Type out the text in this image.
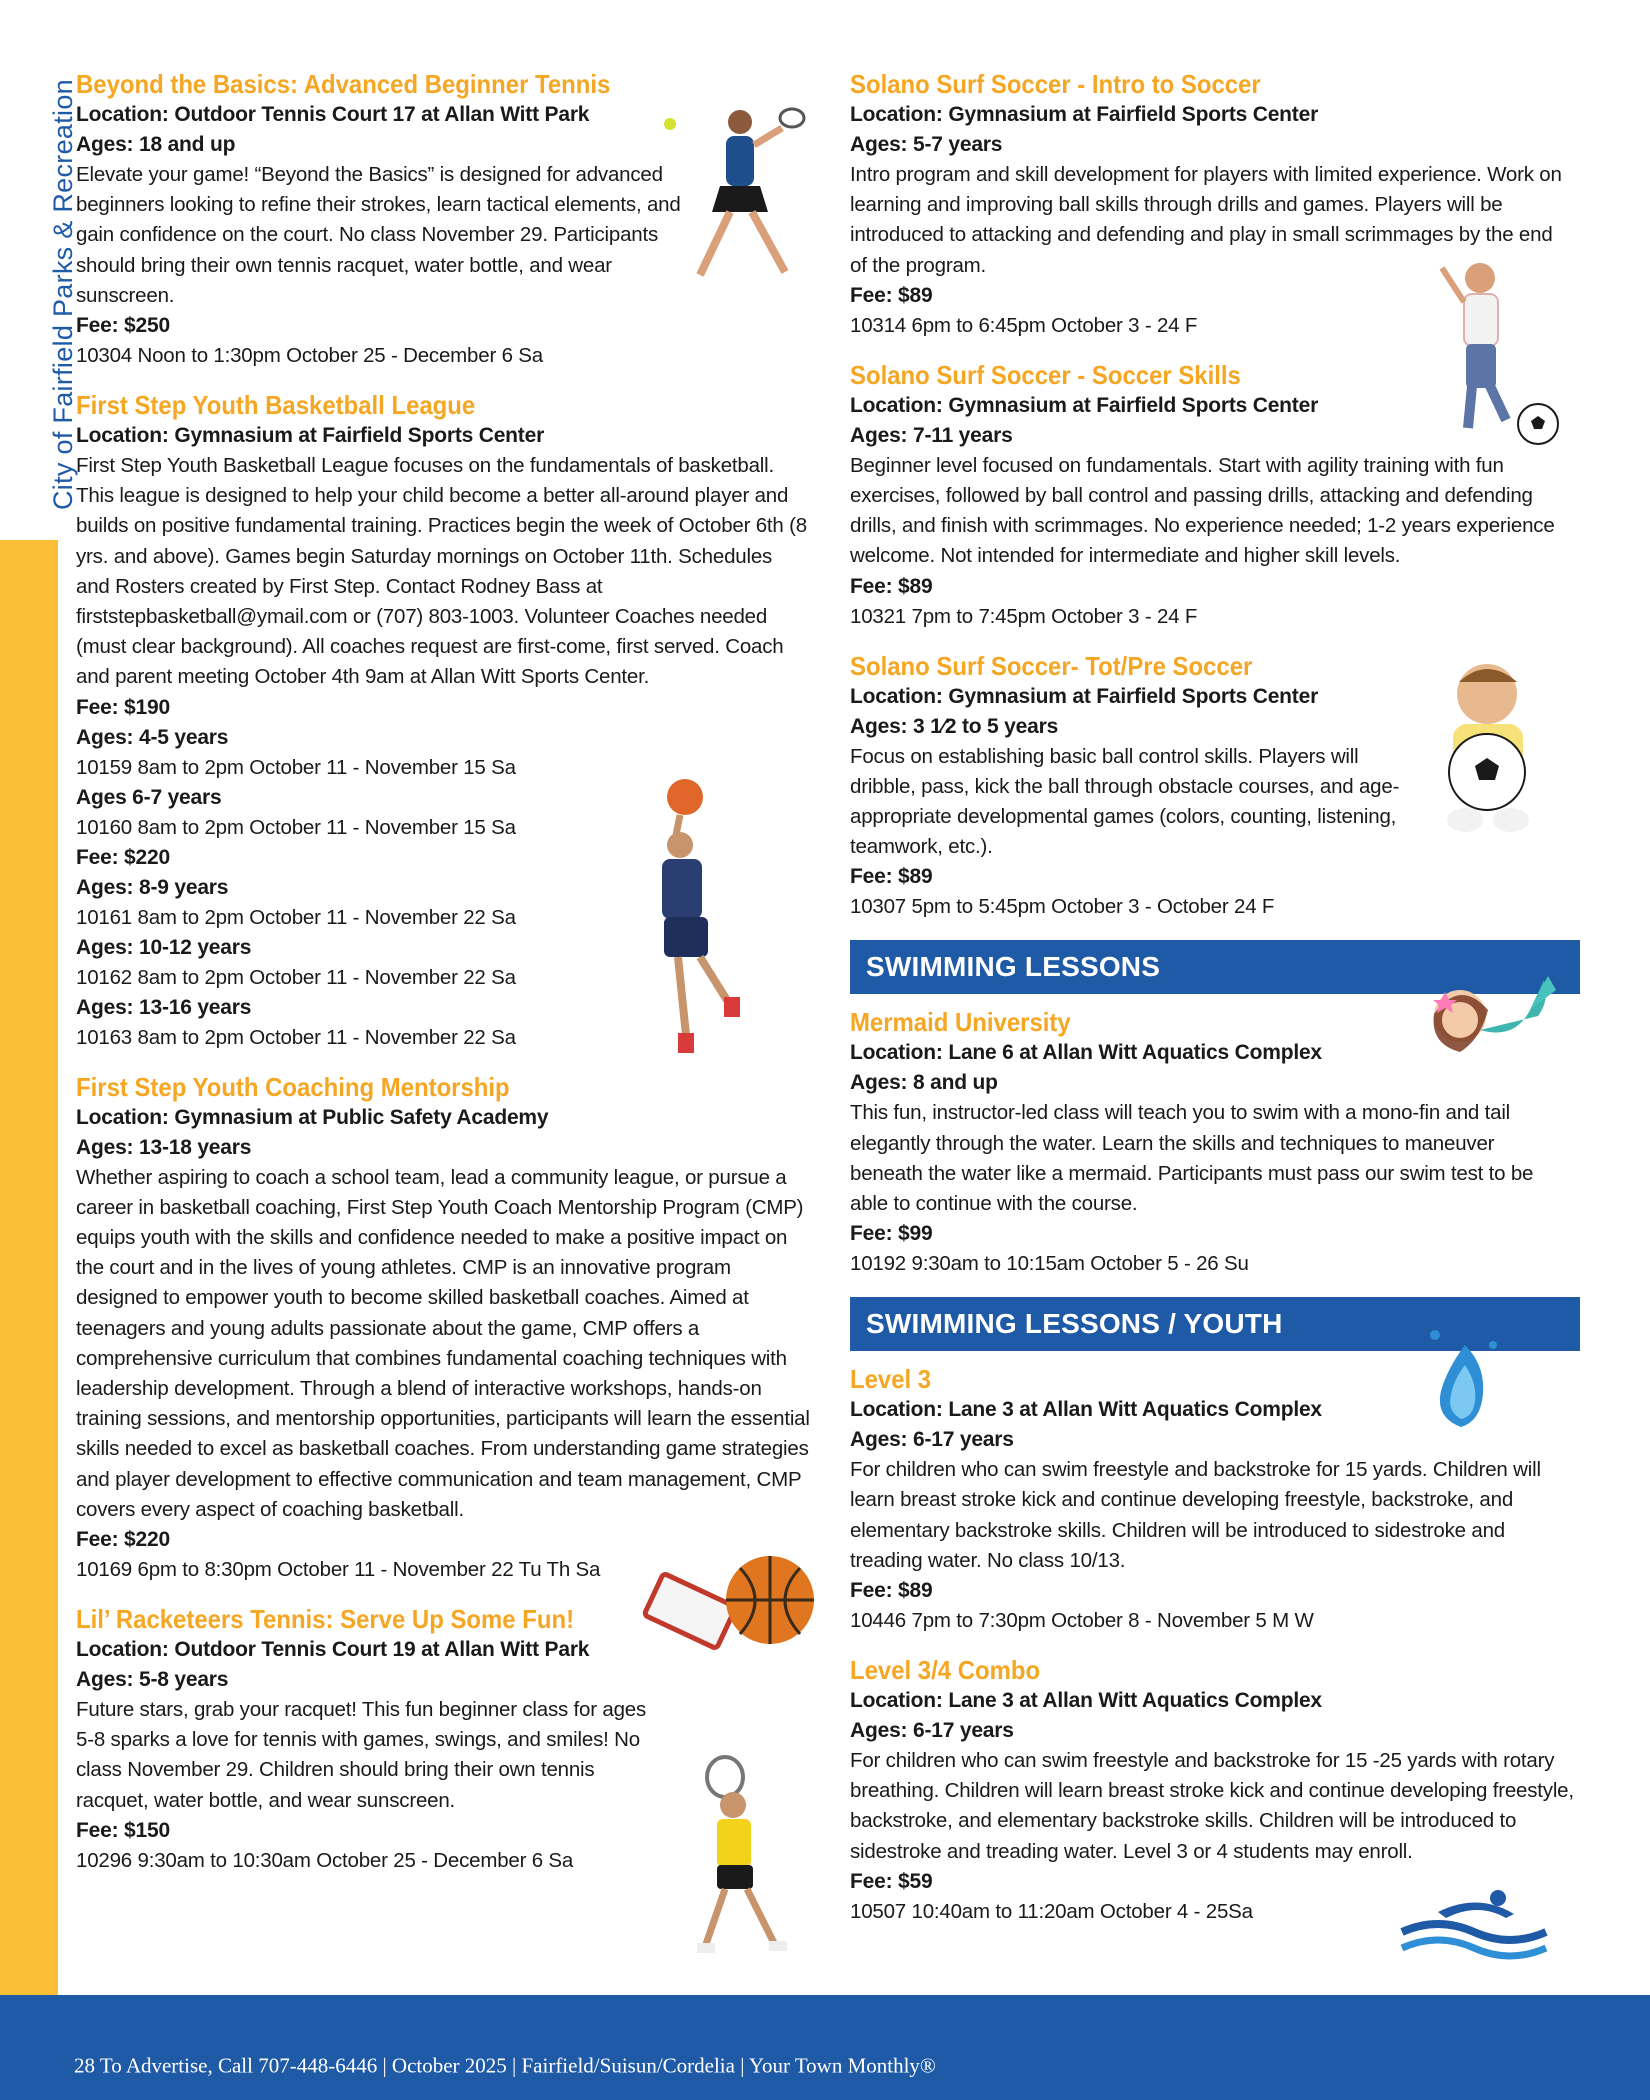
City of Fairfield Parks & Recreation
Beyond the Basics: Advanced Beginner Tennis
Location: Outdoor Tennis Court 17 at Allan Witt Park
Ages: 18 and up
Elevate your game! “Beyond the Basics” is designed for advanced beginners looking to refine their strokes, learn tactical elements, and gain confidence on the court. No class November 29. Participants should bring their own tennis racquet, water bottle, and wear sunscreen.
Fee: $250
10304 Noon to 1:30pm October 25 - December 6 Sa
First Step Youth Basketball League
Location: Gymnasium at Fairfield Sports Center
First Step Youth Basketball League focuses on the fundamentals of basketball. This league is designed to help your child become a better all-around player and builds on positive fundamental training. Practices begin the week of October 6th (8 yrs. and above). Games begin Saturday mornings on October 11th. Schedules and Rosters created by First Step. Contact Rodney Bass at firststepbasketball@ymail.com or (707) 803-1003. Volunteer Coaches needed (must clear background). All coaches request are first-come, first served. Coach and parent meeting October 4th 9am at Allan Witt Sports Center.
Fee: $190
Ages: 4-5 years
10159 8am to 2pm October 11 - November 15 Sa
Ages 6-7 years
10160 8am to 2pm October 11 - November 15 Sa
Fee: $220
Ages: 8-9 years
10161 8am to 2pm October 11 - November 22 Sa
Ages: 10-12 years
10162 8am to 2pm October 11 - November 22 Sa
Ages: 13-16 years
10163 8am to 2pm October 11 - November 22 Sa
First Step Youth Coaching Mentorship
Location: Gymnasium at Public Safety Academy
Ages: 13-18 years
Whether aspiring to coach a school team, lead a community league, or pursue a career in basketball coaching, First Step Youth Coach Mentorship Program (CMP) equips youth with the skills and confidence needed to make a positive impact on the court and in the lives of young athletes. CMP is an innovative program designed to empower youth to become skilled basketball coaches. Aimed at teenagers and young adults passionate about the game, CMP offers a comprehensive curriculum that combines fundamental coaching techniques with leadership development. Through a blend of interactive workshops, hands-on training sessions, and mentorship opportunities, participants will learn the essential skills needed to excel as basketball coaches. From understanding game strategies and player development to effective communication and team management, CMP covers every aspect of coaching basketball.
Fee: $220
10169 6pm to 8:30pm October 11 - November 22 Tu Th Sa
Lil’ Racketeers Tennis: Serve Up Some Fun!
Location: Outdoor Tennis Court 19 at Allan Witt Park
Ages: 5-8 years
Future stars, grab your racquet! This fun beginner class for ages 5-8 sparks a love for tennis with games, swings, and smiles! No class November 29. Children should bring their own tennis racquet, water bottle, and wear sunscreen.
Fee: $150
10296 9:30am to 10:30am October 25 - December 6 Sa
Solano Surf Soccer - Intro to Soccer
Location: Gymnasium at Fairfield Sports Center
Ages: 5-7 years
Intro program and skill development for players with limited experience. Work on learning and improving ball skills through drills and games. Players will be introduced to attacking and defending and play in small scrimmages by the end of the program.
Fee: $89
10314 6pm to 6:45pm October 3 - 24 F
Solano Surf Soccer - Soccer Skills
Location: Gymnasium at Fairfield Sports Center
Ages: 7-11 years
Beginner level focused on fundamentals. Start with agility training with fun exercises, followed by ball control and passing drills, attacking and defending drills, and finish with scrimmages. No experience needed; 1-2 years experience welcome. Not intended for intermediate and higher skill levels.
Fee: $89
10321 7pm to 7:45pm October 3 - 24 F
Solano Surf Soccer- Tot/Pre Soccer
Location: Gymnasium at Fairfield Sports Center
Ages: 3 1⁄2 to 5 years
Focus on establishing basic ball control skills. Players will dribble, pass, kick the ball through obstacle courses, and age-appropriate developmental games (colors, counting, listening, teamwork, etc.).
Fee: $89
10307 5pm to 5:45pm October 3 - October 24 F
SWIMMING LESSONS
Mermaid University
Location: Lane 6 at Allan Witt Aquatics Complex
Ages: 8 and up
This fun, instructor-led class will teach you to swim with a mono-fin and tail elegantly through the water. Learn the skills and techniques to maneuver beneath the water like a mermaid. Participants must pass our swim test to be able to continue with the course.
Fee: $99
10192 9:30am to 10:15am October 5 - 26 Su
SWIMMING LESSONS / YOUTH
Level 3
Location: Lane 3 at Allan Witt Aquatics Complex
Ages: 6-17 years
For children who can swim freestyle and backstroke for 15 yards. Children will learn breast stroke kick and continue developing freestyle, backstroke, and elementary backstroke skills. Children will be introduced to sidestroke and treading water. No class 10/13.
Fee: $89
10446 7pm to 7:30pm October 8 - November 5 M W
Level 3/4 Combo
Location: Lane 3 at Allan Witt Aquatics Complex
Ages: 6-17 years
For children who can swim freestyle and backstroke for 15 -25 yards with rotary breathing. Children will learn breast stroke kick and continue developing freestyle, backstroke, and elementary backstroke skills. Children will be introduced to sidestroke and treading water. Level 3 or 4 students may enroll.
Fee: $59
10507 10:40am to 11:20am October 4 - 25Sa
28 To Advertise, Call 707-448-6446 | October 2025 | Fairfield/Suisun/Cordelia | Your Town Monthly®
